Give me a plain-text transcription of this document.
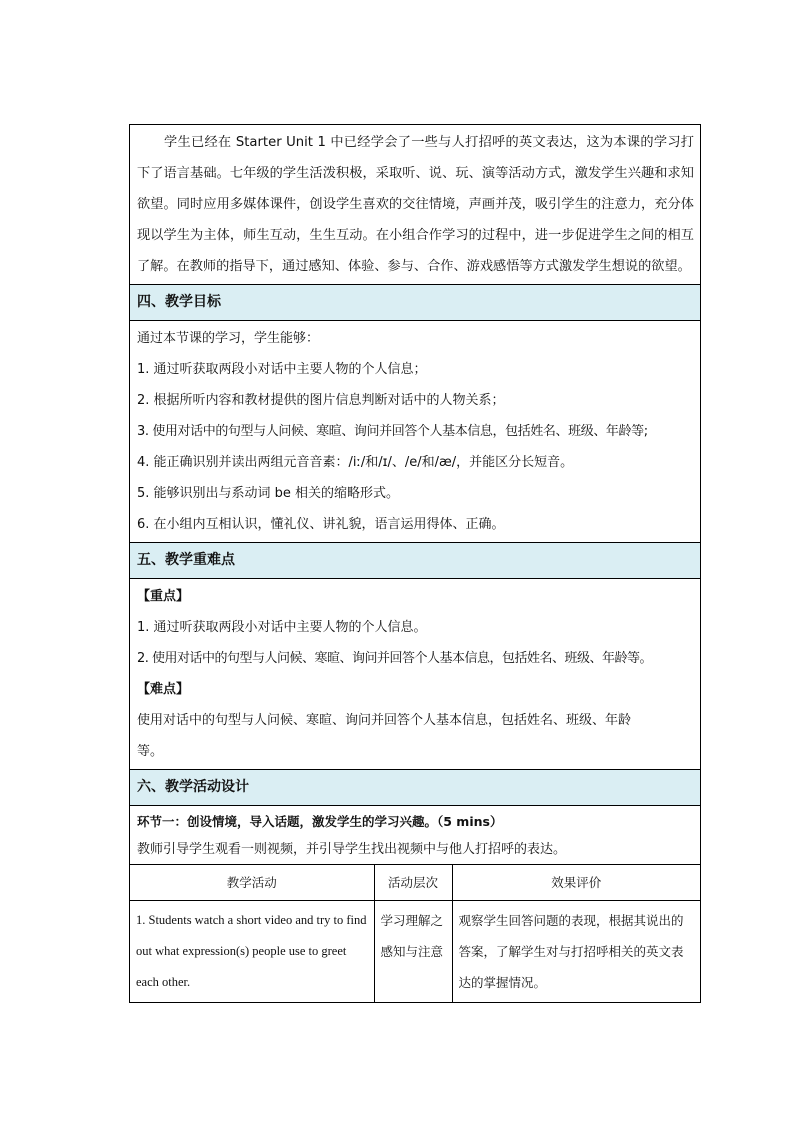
学生已经在 Starter Unit 1 中已经学会了一些与人打招呼的英文表达，这为本课的学习打下了语言基础。七年级的学生活泼积极，采取听、说、玩、演等活动方式，激发学生兴趣和求知欲望。同时应用多媒体课件，创设学生喜欢的交往情境，声画并茂，吸引学生的注意力，充分体现以学生为主体，师生互动，生生互动。在小组合作学习的过程中，进一步促进学生之间的相互了解。在教师的指导下，通过感知、体验、参与、合作、游戏感悟等方式激发学生想说的欲望。
四、教学目标
通过本节课的学习，学生能够：
1. 通过听获取两段小对话中主要人物的个人信息；
2. 根据所听内容和教材提供的图片信息判断对话中的人物关系；
3. 使用对话中的句型与人问候、寒暄、询问并回答个人基本信息，包括姓名、班级、年龄等;
4. 能正确识别并读出两组元音音素：/iː/和/ɪ/、/e/和/æ/，并能区分长短音。
5. 能够识别出与系动词 be 相关的缩略形式。
6. 在小组内互相认识，懂礼仪、讲礼貌，语言运用得体、正确。
五、教学重难点
【重点】
1. 通过听获取两段小对话中主要人物的个人信息。
2. 使用对话中的句型与人问候、寒暄、询问并回答个人基本信息，包括姓名、班级、年龄等。
【难点】
使用对话中的句型与人问候、寒暄、询问并回答个人基本信息，包括姓名、班级、年龄等。
六、教学活动设计
环节一：创设情境，导入话题，激发学生的学习兴趣。（5 mins）
教师引导学生观看一则视频，并引导学生找出视频中与他人打招呼的表达。
教学活动	活动层次	效果评价
1. Students watch a short video and try to find out what expression(s) people use to greet each other.	学习理解之感知与注意	观察学生回答问题的表现，根据其说出的答案，了解学生对与打招呼相关的英文表达的掌握情况。
